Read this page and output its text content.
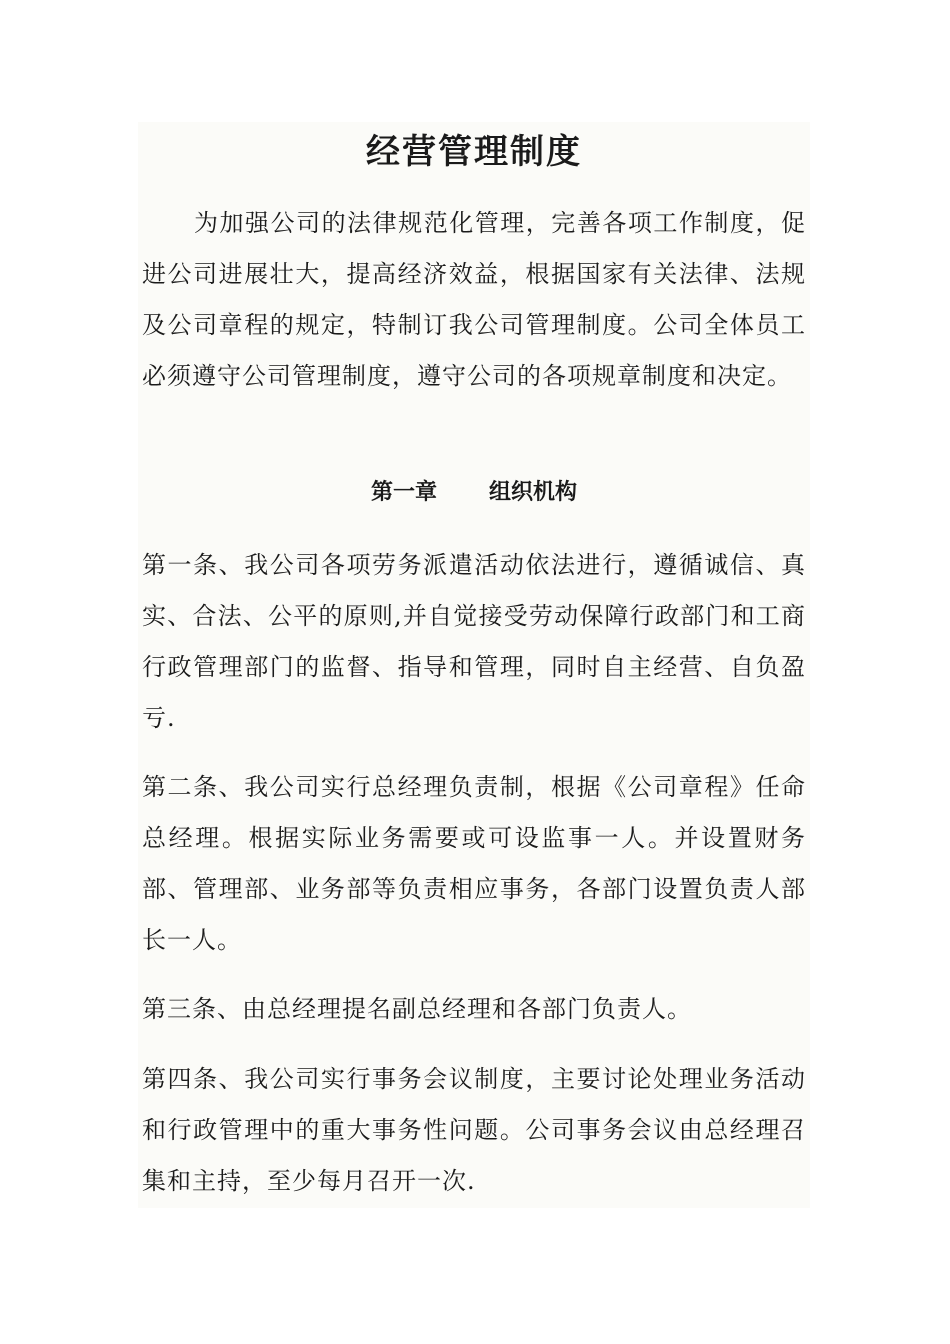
经营管理制度

为加强公司的法律规范化管理，完善各项工作制度，促进公司进展壮大，提高经济效益，根据国家有关法律、法规及公司章程的规定，特制订我公司管理制度。公司全体员工必须遵守公司管理制度，遵守公司的各项规章制度和决定。

第一章 组织机构

第一条、我公司各项劳务派遣活动依法进行，遵循诚信、真实、合法、公平的原则,并自觉接受劳动保障行政部门和工商行政管理部门的监督、指导和管理，同时自主经营、自负盈亏.

第二条、我公司实行总经理负责制，根据《公司章程》任命总经理。根据实际业务需要或可设监事一人。并设置财务部、管理部、业务部等负责相应事务，各部门设置负责人部长一人。

第三条、由总经理提名副总经理和各部门负责人。

第四条、我公司实行事务会议制度，主要讨论处理业务活动和行政管理中的重大事务性问题。公司事务会议由总经理召集和主持，至少每月召开一次.
